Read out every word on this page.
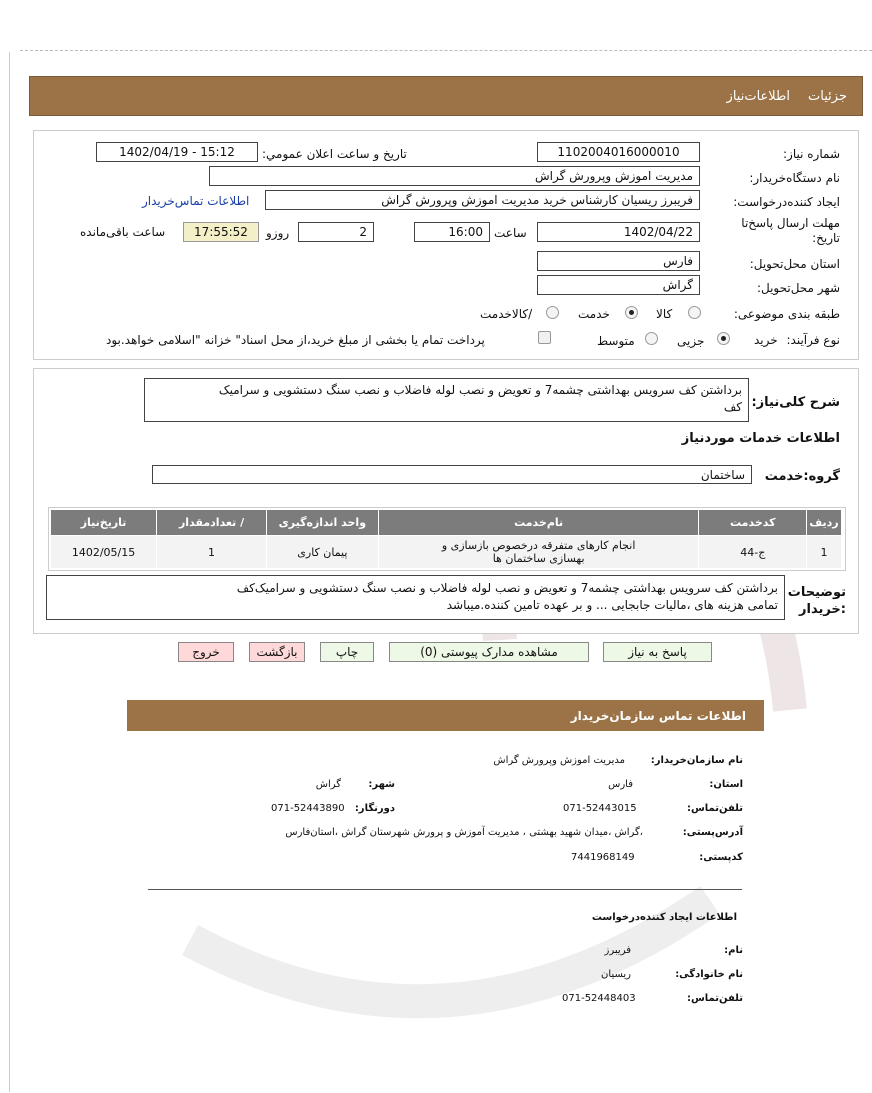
جزئیات
اطلاعات‌نیاز
شماره نیاز:
1102004016000010
تاریخ و ساعت اعلان عمومي:
1402/04/19 - 15:12
نام دستگاه‌خریدار:
مديريت اموزش وپرورش گراش
ایجاد کننده‌درخواست:
فريبرز ريسيان كارشناس خريد مديريت اموزش وپرورش گراش
اطلاعات تماس‌خریدار
مهلت ارسال پاسخ‌تا تاریخ:
1402/04/22
ساعت
16:00
2
روزو
17:55:52
ساعت باقی‌مانده
استان محل‌تحویل:
فارس
شهر محل‌تحویل:
گراش
طبقه بندی موضوعی:
کالا
خدمت
/کالاخدمت
نوع فرآیند:
خرید
جزیی
متوسط
پرداخت تمام یا بخشی از مبلغ خرید،از محل اسناد" خزانه "اسلامی خواهد.بود
شرح کلی‌نیاز:
برداشتن کف سرویس بهداشتی چشمه7 و تعویض و نصب لوله فاضلاب و نصب سنگ دستشویی و سرامیک
کف
اطلاعات خدمات موردنیاز
گروه:خدمت
ساختمان
ردیف	کدخدمت	نام‌خدمت	واحد اندازه‌گیری	/ تعدادمقدار	تاریخ‌نیاز
1	ج-44	انجام کارهای متفرقه درخصوص بازسازی و
بهسازی ساختمان ها	پیمان کاری	1	1402/05/15
توضیحات
:خریدار
برداشتن کف سرویس بهداشتی چشمه7 و تعویض و نصب لوله فاضلاب و نصب سنگ دستشویی و سرامیک‌کف
تمامی هزینه های ،مالیات جابجایی ... و بر عهده تامین کننده.میباشد
پاسخ به نیاز
مشاهده مدارک پیوستی (0)
چاپ
بازگشت
خروج
اطلاعات تماس سازمان‌خریدار
نام سازمان‌خریدار:
مدیریت اموزش وپرورش گراش
استان:
فارس
شهر:
گراش
تلفن‌تماس:
071-52443015
دورنگار:
071-52443890
آدرس‌پستی:
،گراش ،میدان شهید بهشتی ، مدیریت آموزش و پرورش شهرستان گراش ،استان‌فارس
کدپستی:
7441968149
اطلاعات ایجاد کننده‌درخواست
نام:
فریبرز
نام خانوادگی:
ریسیان
تلفن‌تماس:
071-52448403
